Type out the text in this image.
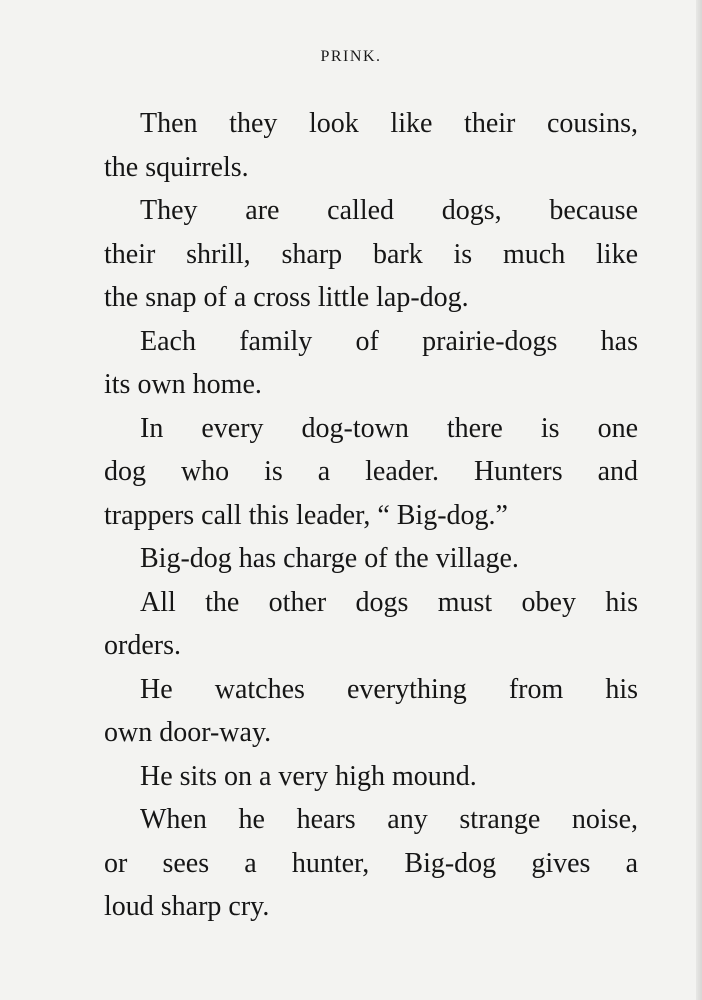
PRINK.

Then they look like their cousins,
the squirrels.

They are called dogs, because
their shrill, sharp bark is much like
the snap of a cross little lap-dog.

Each family of prairie-dogs has
its own home.

In every dog-town there is one
dog who is a leader. Hunters and
trappers call this leader, “ Big-dog.”

Big-dog has charge of the village.

All the other dogs must obey his
orders.

He watches everything from his
own door-way.

He sits on a very high mound.

When he hears any strange noise,
or sees a hunter, Big-dog gives a
loud sharp cry.
